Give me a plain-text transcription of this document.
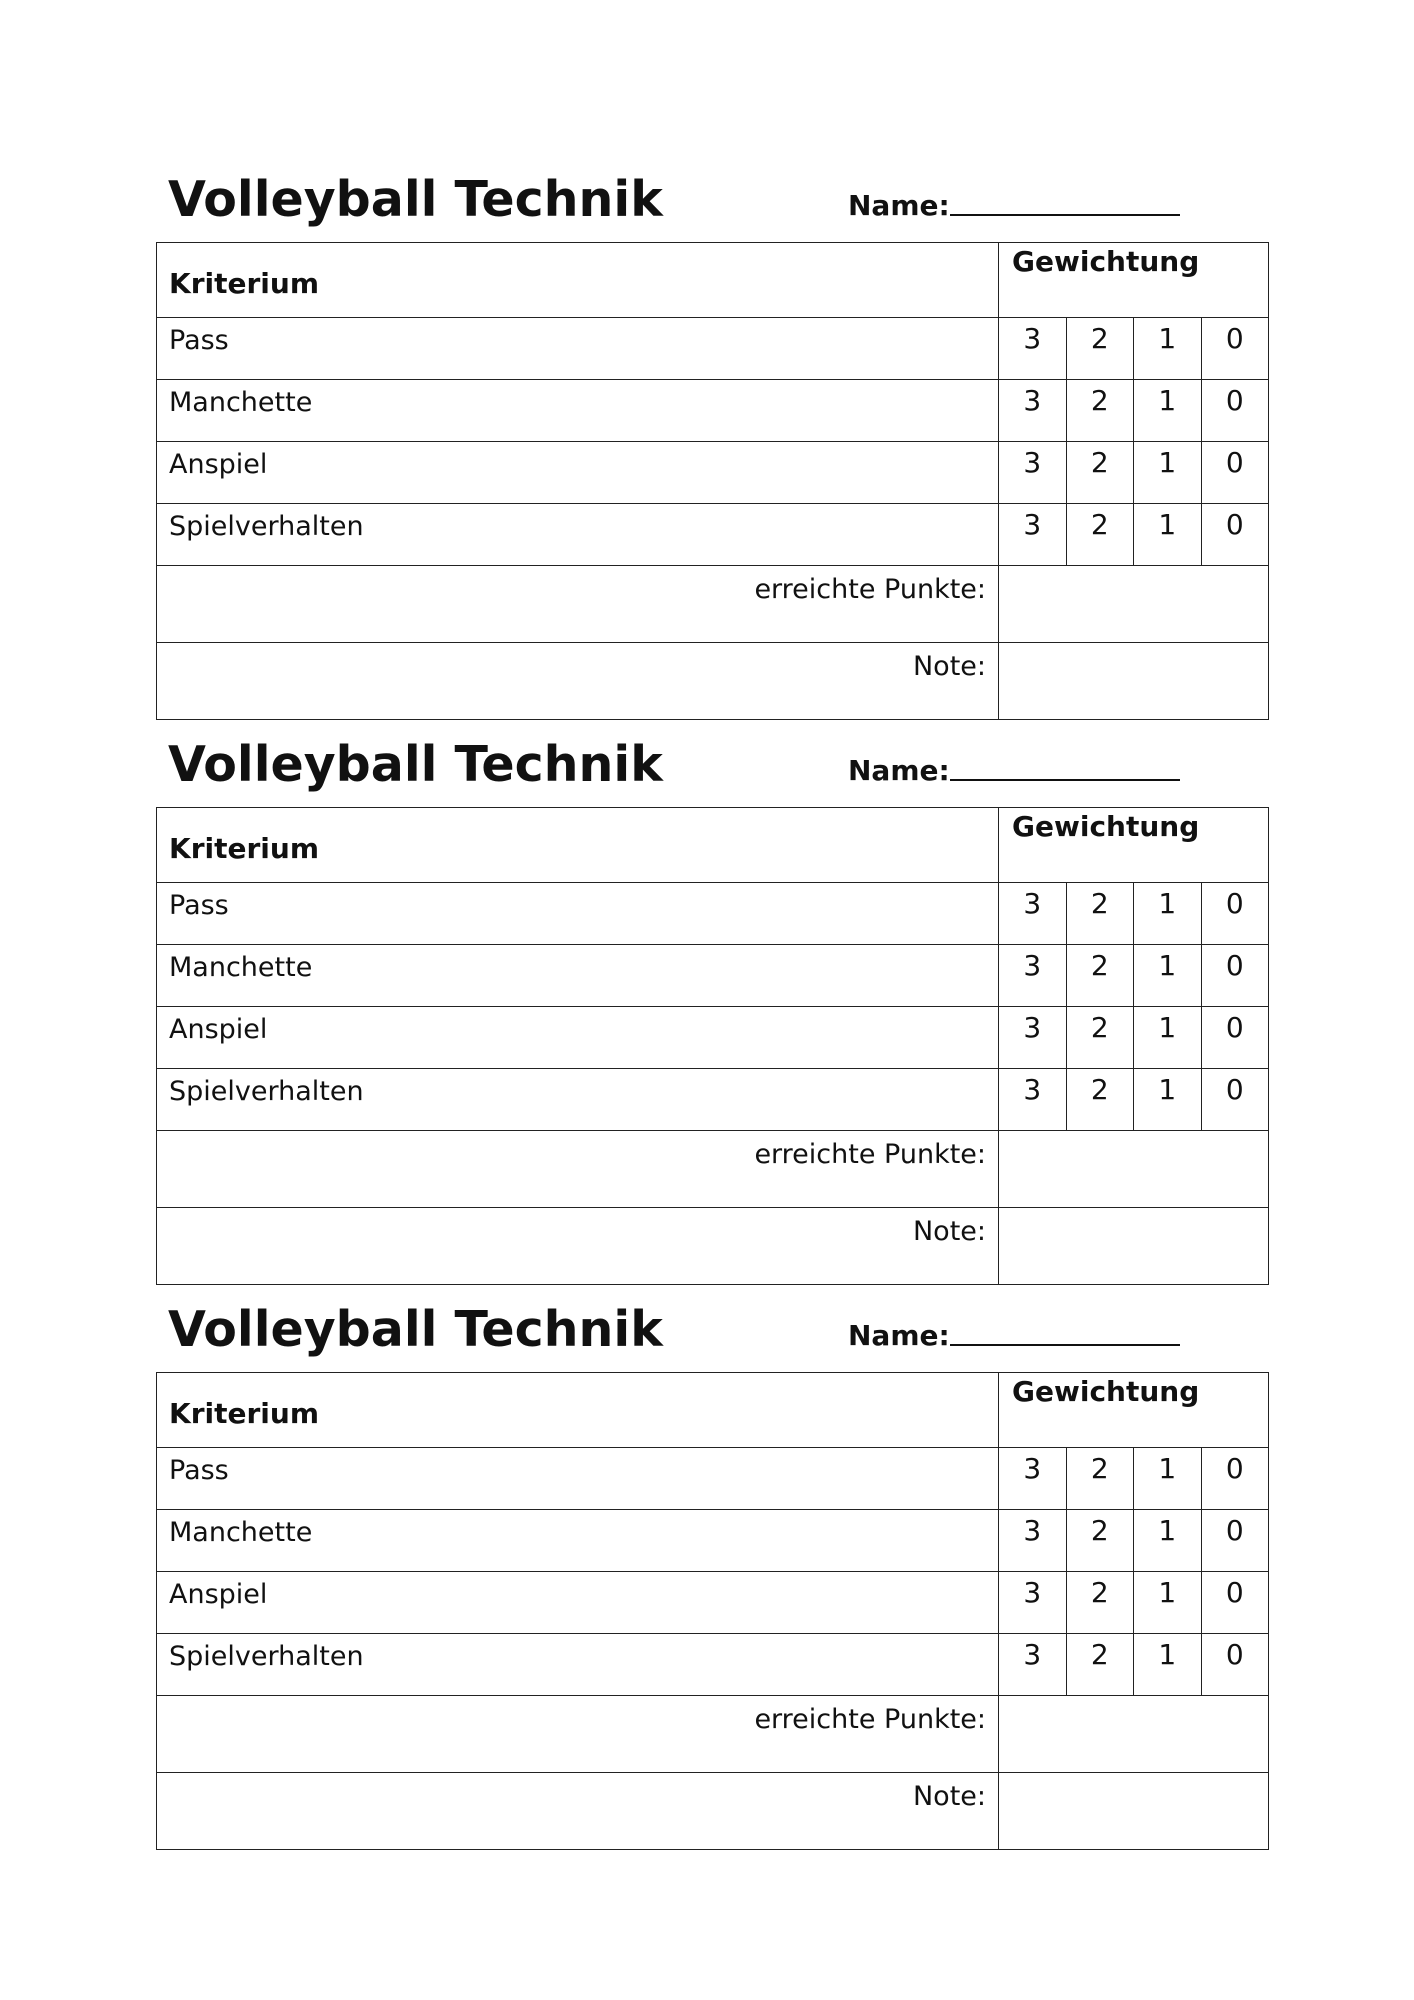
Volleyball Technik	Name:
Kriterium	Gewichtung			
Pass	3	2	1	0
Manchette	3	2	1	0
Anspiel	3	2	1	0
Spielverhalten	3	2	1	0
erreichte Punkte:				
Note:				
Volleyball Technik	Name:
Kriterium	Gewichtung			
Pass	3	2	1	0
Manchette	3	2	1	0
Anspiel	3	2	1	0
Spielverhalten	3	2	1	0
erreichte Punkte:				
Note:				
Volleyball Technik	Name:
Kriterium	Gewichtung			
Pass	3	2	1	0
Manchette	3	2	1	0
Anspiel	3	2	1	0
Spielverhalten	3	2	1	0
erreichte Punkte:				
Note:				
